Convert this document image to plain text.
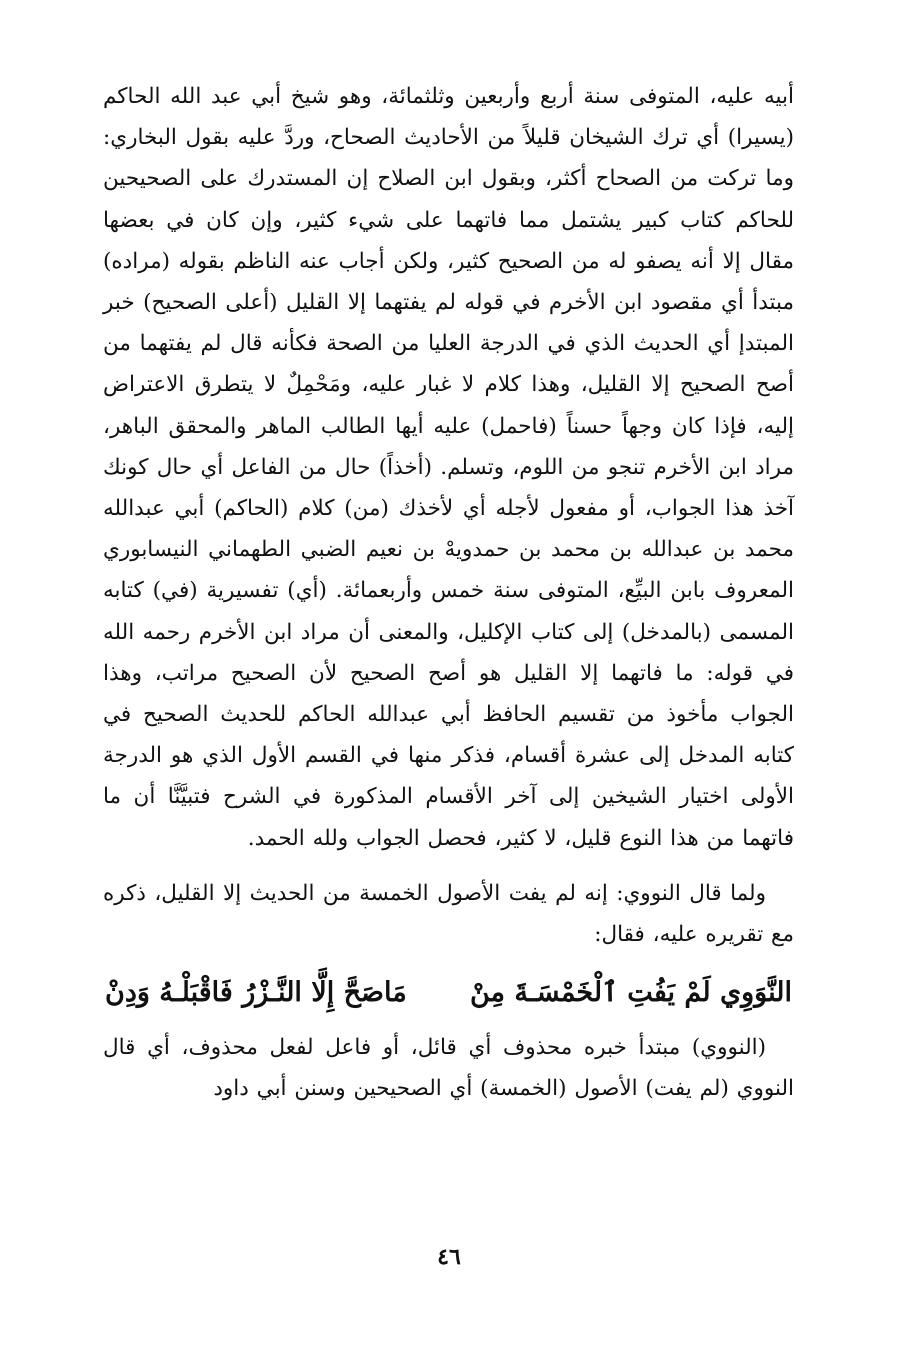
أبيه عليه، المتوفى سنة أربع وأربعين وثلثمائة، وهو شيخ أبي عبد الله الحاكم (يسيرا) أي ترك الشيخان قليلاً من الأحاديث الصحاح، وردَّ عليه بقول البخاري: وما تركت من الصحاح أكثر، وبقول ابن الصلاح إن المستدرك على الصحيحين للحاكم كتاب كبير يشتمل مما فاتهما على شيء كثير، وإن كان في بعضها مقال إلا أنه يصفو له من الصحيح كثير، ولكن أجاب عنه الناظم بقوله (مراده) مبتدأ أي مقصود ابن الأخرم في قوله لم يفتهما إلا القليل (أعلى الصحيح) خبر المبتدإ أي الحديث الذي في الدرجة العليا من الصحة فكأنه قال لم يفتهما من أصح الصحيح إلا القليل، وهذا كلام لا غبار عليه، ومَحْمِلٌ لا يتطرق الاعتراض إليه، فإذا كان وجهاً حسناً (فاحمل) عليه أيها الطالب الماهر والمحقق الباهر، مراد ابن الأخرم تنجو من اللوم، وتسلم. (أخذاً) حال من الفاعل أي حال كونك آخذ هذا الجواب، أو مفعول لأجله أي لأخذك (من) كلام (الحاكم) أبي عبدالله محمد بن عبدالله بن محمد بن حمدويهْ بن نعيم الضبي الطهماني النيسابوري المعروف بابن البيِّع، المتوفى سنة خمس وأربعمائة. (أي) تفسيرية (في) كتابه المسمى (بالمدخل) إلى كتاب الإكليل، والمعنى أن مراد ابن الأخرم رحمه الله في قوله: ما فاتهما إلا القليل هو أصح الصحيح لأن الصحيح مراتب، وهذا الجواب مأخوذ من تقسيم الحافظ أبي عبدالله الحاكم للحديث الصحيح في كتابه المدخل إلى عشرة أقسام، فذكر منها في القسم الأول الذي هو الدرجة الأولى اختيار الشيخين إلى آخر الأقسام المذكورة في الشرح فتبيَّنَّا أن ما فاتهما من هذا النوع قليل، لا كثير، فحصل الجواب ولله الحمد.

ولما قال النووي: إنه لم يفت الأصول الخمسة من الحديث إلا القليل، ذكره مع تقريره عليه، فقال:

النَّوَوِي لَمْ يَفُتِ ٱلْخَمْسَـةَ مِنْ
مَاصَحَّ إِلَّا النَّـزْرُ فَاقْبَلْـهُ وَدِنْ

(النووي) مبتدأ خبره محذوف أي قائل، أو فاعل لفعل محذوف، أي قال النووي (لم يفت) الأصول (الخمسة) أي الصحيحين وسنن أبي داود

٤٦
